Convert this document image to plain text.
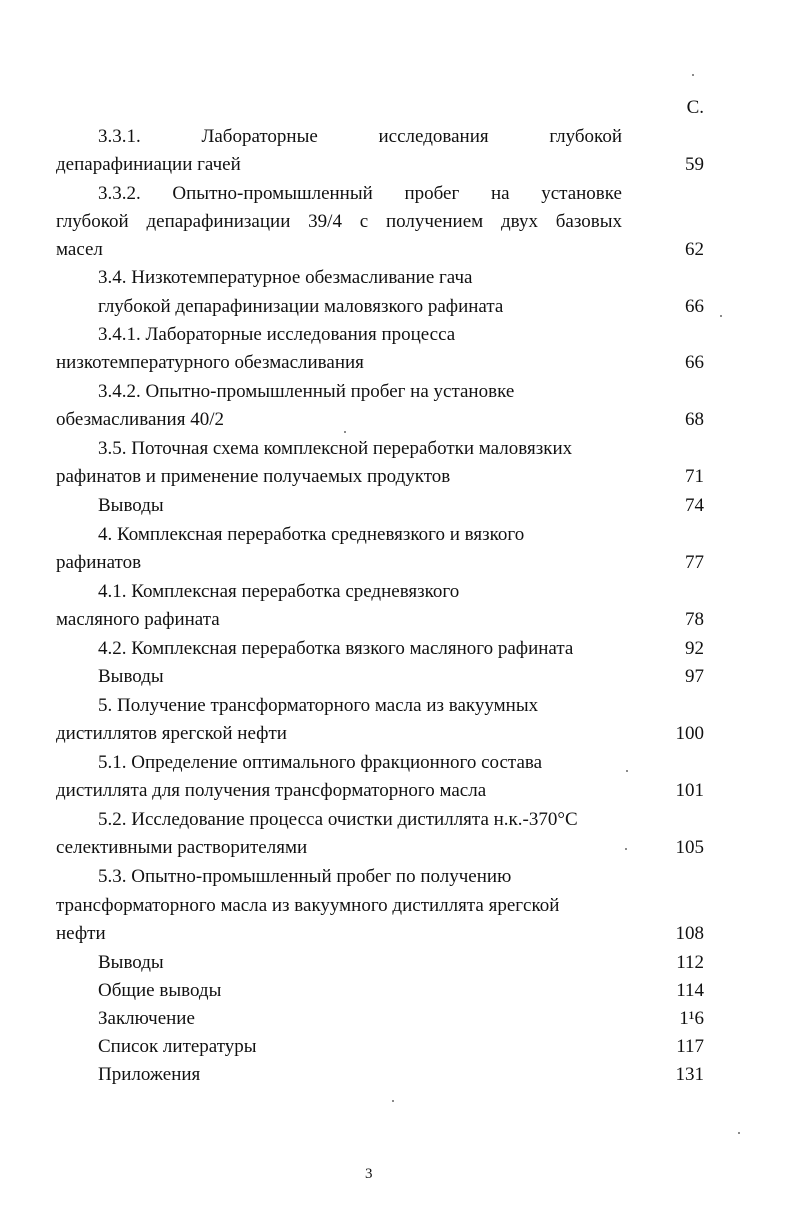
С.
3.3.1.	Лабораторные	исследования	глубокой
депарафиниации гачей	59
3.3.2. Опытно-промышленный пробег на установке
глубокой депарафинизации 39/4 с получением двух базовых
масел	62
3.4. Низкотемпературное обезмасливание гача
глубокой депарафинизации маловязкого рафината	66
3.4.1. Лабораторные исследования процесса
низкотемпературного обезмасливания	66
3.4.2. Опытно-промышленный пробег на установке
обезмасливания 40/2	68
3.5. Поточная схема комплексной переработки маловязких
рафинатов и применение получаемых продуктов	71
Выводы	74
4. Комплексная переработка средневязкого и вязкого
рафинатов	77
4.1. Комплексная переработка средневязкого
масляного рафината	78
4.2. Комплексная переработка вязкого масляного рафината	92
Выводы	97
5. Получение трансформаторного масла из вакуумных
дистиллятов ярегской нефти	100
5.1. Определение оптимального фракционного состава
дистиллята для получения трансформаторного масла	101
5.2. Исследование процесса очистки дистиллята н.к.-370°С
селективными растворителями	105
5.3. Опытно-промышленный пробег по получению
трансформаторного масла из вакуумного дистиллята ярегской
нефти	108
Выводы	112
Общие выводы	114
Заключение	1¹6
Список литературы	117
Приложения	131
3
